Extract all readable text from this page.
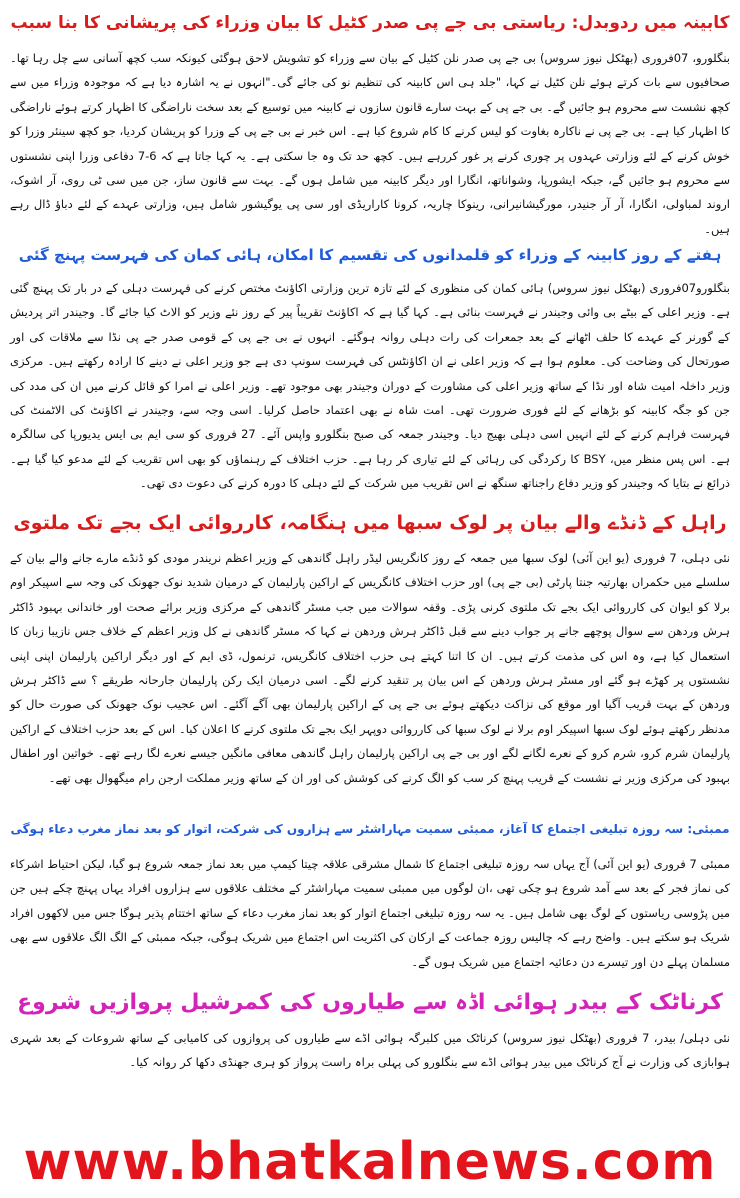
کابینہ میں ردوبدل: ریاستی بی جے پی صدر کٹیل کا بیان وزراء کی پریشانی کا بنا سبب

بنگلورو، 07فروری (بھٹکل نیوز سروس) بی جے پی صدر نلن کٹیل کے بیان سے وزراء کو تشویش لاحق ہوگئی کیونکہ سب کچھ آسانی سے چل رہا تھا۔صحافیوں سے بات کرتے ہوئے نلن کٹیل نے کہا، "جلد ہی اس کابینہ کی تنظیم نو کی جائے گی۔"انہوں نے یہ اشارہ دیا ہے کہ موجودہ وزراء میں سے کچھ نشست سے محروم ہو جائیں گے۔ بی جے پی کے بہت سارے قانون سازوں نے کابینہ میں توسیع کے بعد سخت ناراضگی کا اظہار کرتے ہوئے ناراضگی کا اظہار کیا ہے۔ بی جے پی نے ناکارہ بغاوت کو لیس کرنے کا کام شروع کیا ہے۔ اس خبر نے بی جے پی کے وزرا کو پریشان کردیا، جو کچھ سینئر وزرا کو خوش کرنے کے لئے وزارتی عہدوں پر چوری کرنے پر غور کررہے ہیں۔ کچھ حد تک وہ جا سکتی ہے۔ یہ کہا جاتا ہے کہ 6-7 دفاعی وزرا اپنی نشستوں سے محروم ہو جائیں گے، جبکہ ایشورپا، وشواناتھ، انگارا اور دیگر کابینہ میں شامل ہوں گے۔ بہت سے قانون ساز، جن میں سی ٹی روی، آر اشوک، اروند لمباولی، انگارا، آر آر جنیدر، مورگیشانیرانی، رینوکا چاریہ، کرونا کاراریڈی اور سی پی یوگیشور شامل ہیں، وزارتی عہدے کے لئے دباؤ ڈال رہے ہیں۔

ہفتے کے روز کابینہ کے وزراء کو قلمدانوں کی تقسیم کا امکان، ہائی کمان کی فہرست پہنچ گئی

بنگلورو07فروری (بھٹکل نیوز سروس) ہائی کمان کی منظوری کے لئے تازہ ترین وزارتی اکاؤنٹ مختص کرنے کی فہرست دہلی کے در بار تک پہنچ گئی ہے۔ وزیر اعلی کے بیٹے بی وائی وجیندر نے فہرست بنائی ہے۔ کہا گیا ہے کہ اکاؤنٹ تقریباً پیر کے روز نئے وزیر کو الاٹ کیا جائے گا۔ وجیندر اتر پردیش کے گورنر کے عہدے کا حلف اٹھانے کے بعد جمعرات کی رات دہلی روانہ ہوگئے۔ انہوں نے بی جے پی کے قومی صدر جے پی نڈا سے ملاقات کی اور صورتحال کی وضاحت کی۔ معلوم ہوا ہے کہ وزیر اعلی نے ان اکاؤنٹس کی فہرست سونپ دی ہے جو وزیر اعلی نے دینے کا ارادہ رکھتے ہیں۔ مرکزی وزیر داخلہ امیت شاہ اور نڈا کے ساتھ وزیر اعلی کی مشاورت کے دوران وجیندر بھی موجود تھے۔ وزیر اعلی نے امرا کو قائل کرنے میں ان کی مدد کی جن کو جگہ کابینہ کو بڑھانے کے لئے فوری ضرورت تھی۔ امت شاہ نے بھی اعتماد حاصل کرلیا۔ اسی وجہ سے، وجیندر نے اکاؤنٹ کی الاٹمنٹ کی فہرست فراہم کرنے کے لئے انہیں اسی دہلی بھیج دیا۔ وجیندر جمعہ کی صبح بنگلورو واپس آئے۔ 27 فروری کو سی ایم بی ایس یدیورپا کی سالگرہ ہے۔ اس پس منظر میں، BSY کا رکردگی کی رہائی کے لئے تیاری کر رہا ہے۔ حزب اختلاف کے رہنماؤں کو بھی اس تقریب کے لئے مدعو کیا گیا ہے۔ ذرائع نے بتایا کہ وجیندر کو وزیر دفاع راجناتھ سنگھ نے اس تقریب میں شرکت کے لئے دہلی کا دورہ کرنے کی دعوت دی تھی۔

راہل کے ڈنڈے والے بیان پر لوک سبھا میں ہنگامہ، کارروائی ایک بجے تک ملتوی

نئی دہلی، 7 فروری (یو این آئی) لوک سبھا میں جمعہ کے روز کانگریس لیڈر راہل گاندھی کے وزیر اعظم نریندر مودی کو ڈنڈے مارے جانے والے بیان کے سلسلے میں حکمراں بھارتیہ جنتا پارٹی (بی جے پی) اور حزب اختلاف کانگریس کے اراکین پارلیمان کے درمیان شدید نوک جھونک کی وجہ سے اسپیکر اوم برلا کو ایوان کی کارروائی ایک بجے تک ملتوی کرنی پڑی۔ وقفہ سوالات میں جب مسٹر گاندھی کے مرکزی وزیر برائے صحت اور خاندانی بہبود ڈاکٹر ہرش وردھن سے سوال پوچھے جانے پر جواب دینے سے قبل ڈاکٹر ہرش وردھن نے کہا کہ مسٹر گاندھی نے کل وزیر اعظم کے خلاف جس نازیبا زبان کا استعمال کیا ہے، وہ اس کی مذمت کرتے ہیں۔ ان کا اتنا کہتے ہی حزب اختلاف کانگریس، ترنمول، ڈی ایم کے اور دیگر اراکین پارلیمان اپنی اپنی نشستوں پر کھڑے ہو گئے اور مسٹر ہرش وردھن کے اس بیان پر تنقید کرنے لگے۔ اسی درمیان ایک رکن پارلیمان جارحانہ طریقے ؟ سے ڈاکٹر ہرش وردھن کے بہت قریب آگیا اور موقع کی نزاکت دیکھتے ہوئے بی جے پی کے اراکین پارلیمان بھی آگے آگئے۔ اس عجیب نوک جھونک کی صورت حال کو مدنظر رکھتے ہوئے لوک سبھا اسپیکر اوم برلا نے لوک سبھا کی کارروائی دوپہر ایک بجے تک ملتوی کرنے کا اعلان کیا۔ اس کے بعد حزب اختلاف کے اراکین پارلیمان شرم کرو، شرم کرو کے نعرے لگانے لگے اور بی جے پی اراکین پارلیمان راہل گاندھی معافی مانگیں جیسے نعرے لگا رہے تھے۔ خواتین اور اطفال بہبود کی مرکزی وزیر نے نشست کے قریب پہنچ کر سب کو الگ کرنے کی کوشش کی اور ان کے ساتھ وزیر مملکت ارجن رام میگھوال بھی تھے۔

ممبئی: سہ روزہ تبلیغی اجتماع کا آغاز، ممبئی سمیت مہاراشٹر سے ہزاروں کی شرکت، اتوار کو بعد نماز مغرب دعاء ہوگی

ممبئی 7 فروری (یو این آئی) آج یہاں سہ روزہ تبلیغی اجتماع کا شمال مشرقی علاقہ چیتا کیمپ میں بعد نماز جمعہ شروع ہو گیا، لیکن احتیاط اشرکاء کی نماز فجر کے بعد سے آمد شروع ہو چکی تھی ،ان لوگوں میں ممبئی سمیت مہاراشٹر کے مختلف علاقوں سے ہزاروں افراد یہاں پہنچ چکے ہیں جن میں پڑوسی ریاستوں کے لوگ بھی شامل ہیں۔ یہ سہ روزہ تبلیغی اجتماع اتوار کو بعد نماز مغرب دعاء کے ساتھ اختتام پذیر ہوگا جس میں لاکھوں افراد شریک ہو سکتے ہیں۔ واضح رہے کہ چالیس روزہ جماعت کے ارکان کی اکثریت اس اجتماع میں شریک ہوگی، جبکہ ممبئی کے الگ الگ علاقوں سے بھی مسلمان پہلے دن اور تیسرے دن دعائیہ اجتماع میں شریک ہوں گے۔

کرناٹک کے بیدر ہوائی اڈہ سے طیاروں کی کمرشیل پروازیں شروع

نئی دہلی/ بیدر، 7 فروری (بھٹکل نیوز سروس) کرناٹک میں کلبرگہ ہوائی اڈے سے طیاروں کی پروازوں کی کامیابی کے ساتھ شروعات کے بعد شہری ہوابازی کی وزارت نے آج کرناٹک میں بیدر ہوائی اڈے سے بنگلورو کی پہلی براہ راست پرواز کو ہری جھنڈی دکھا کر روانہ کیا۔

www.bhatkalnews.com
